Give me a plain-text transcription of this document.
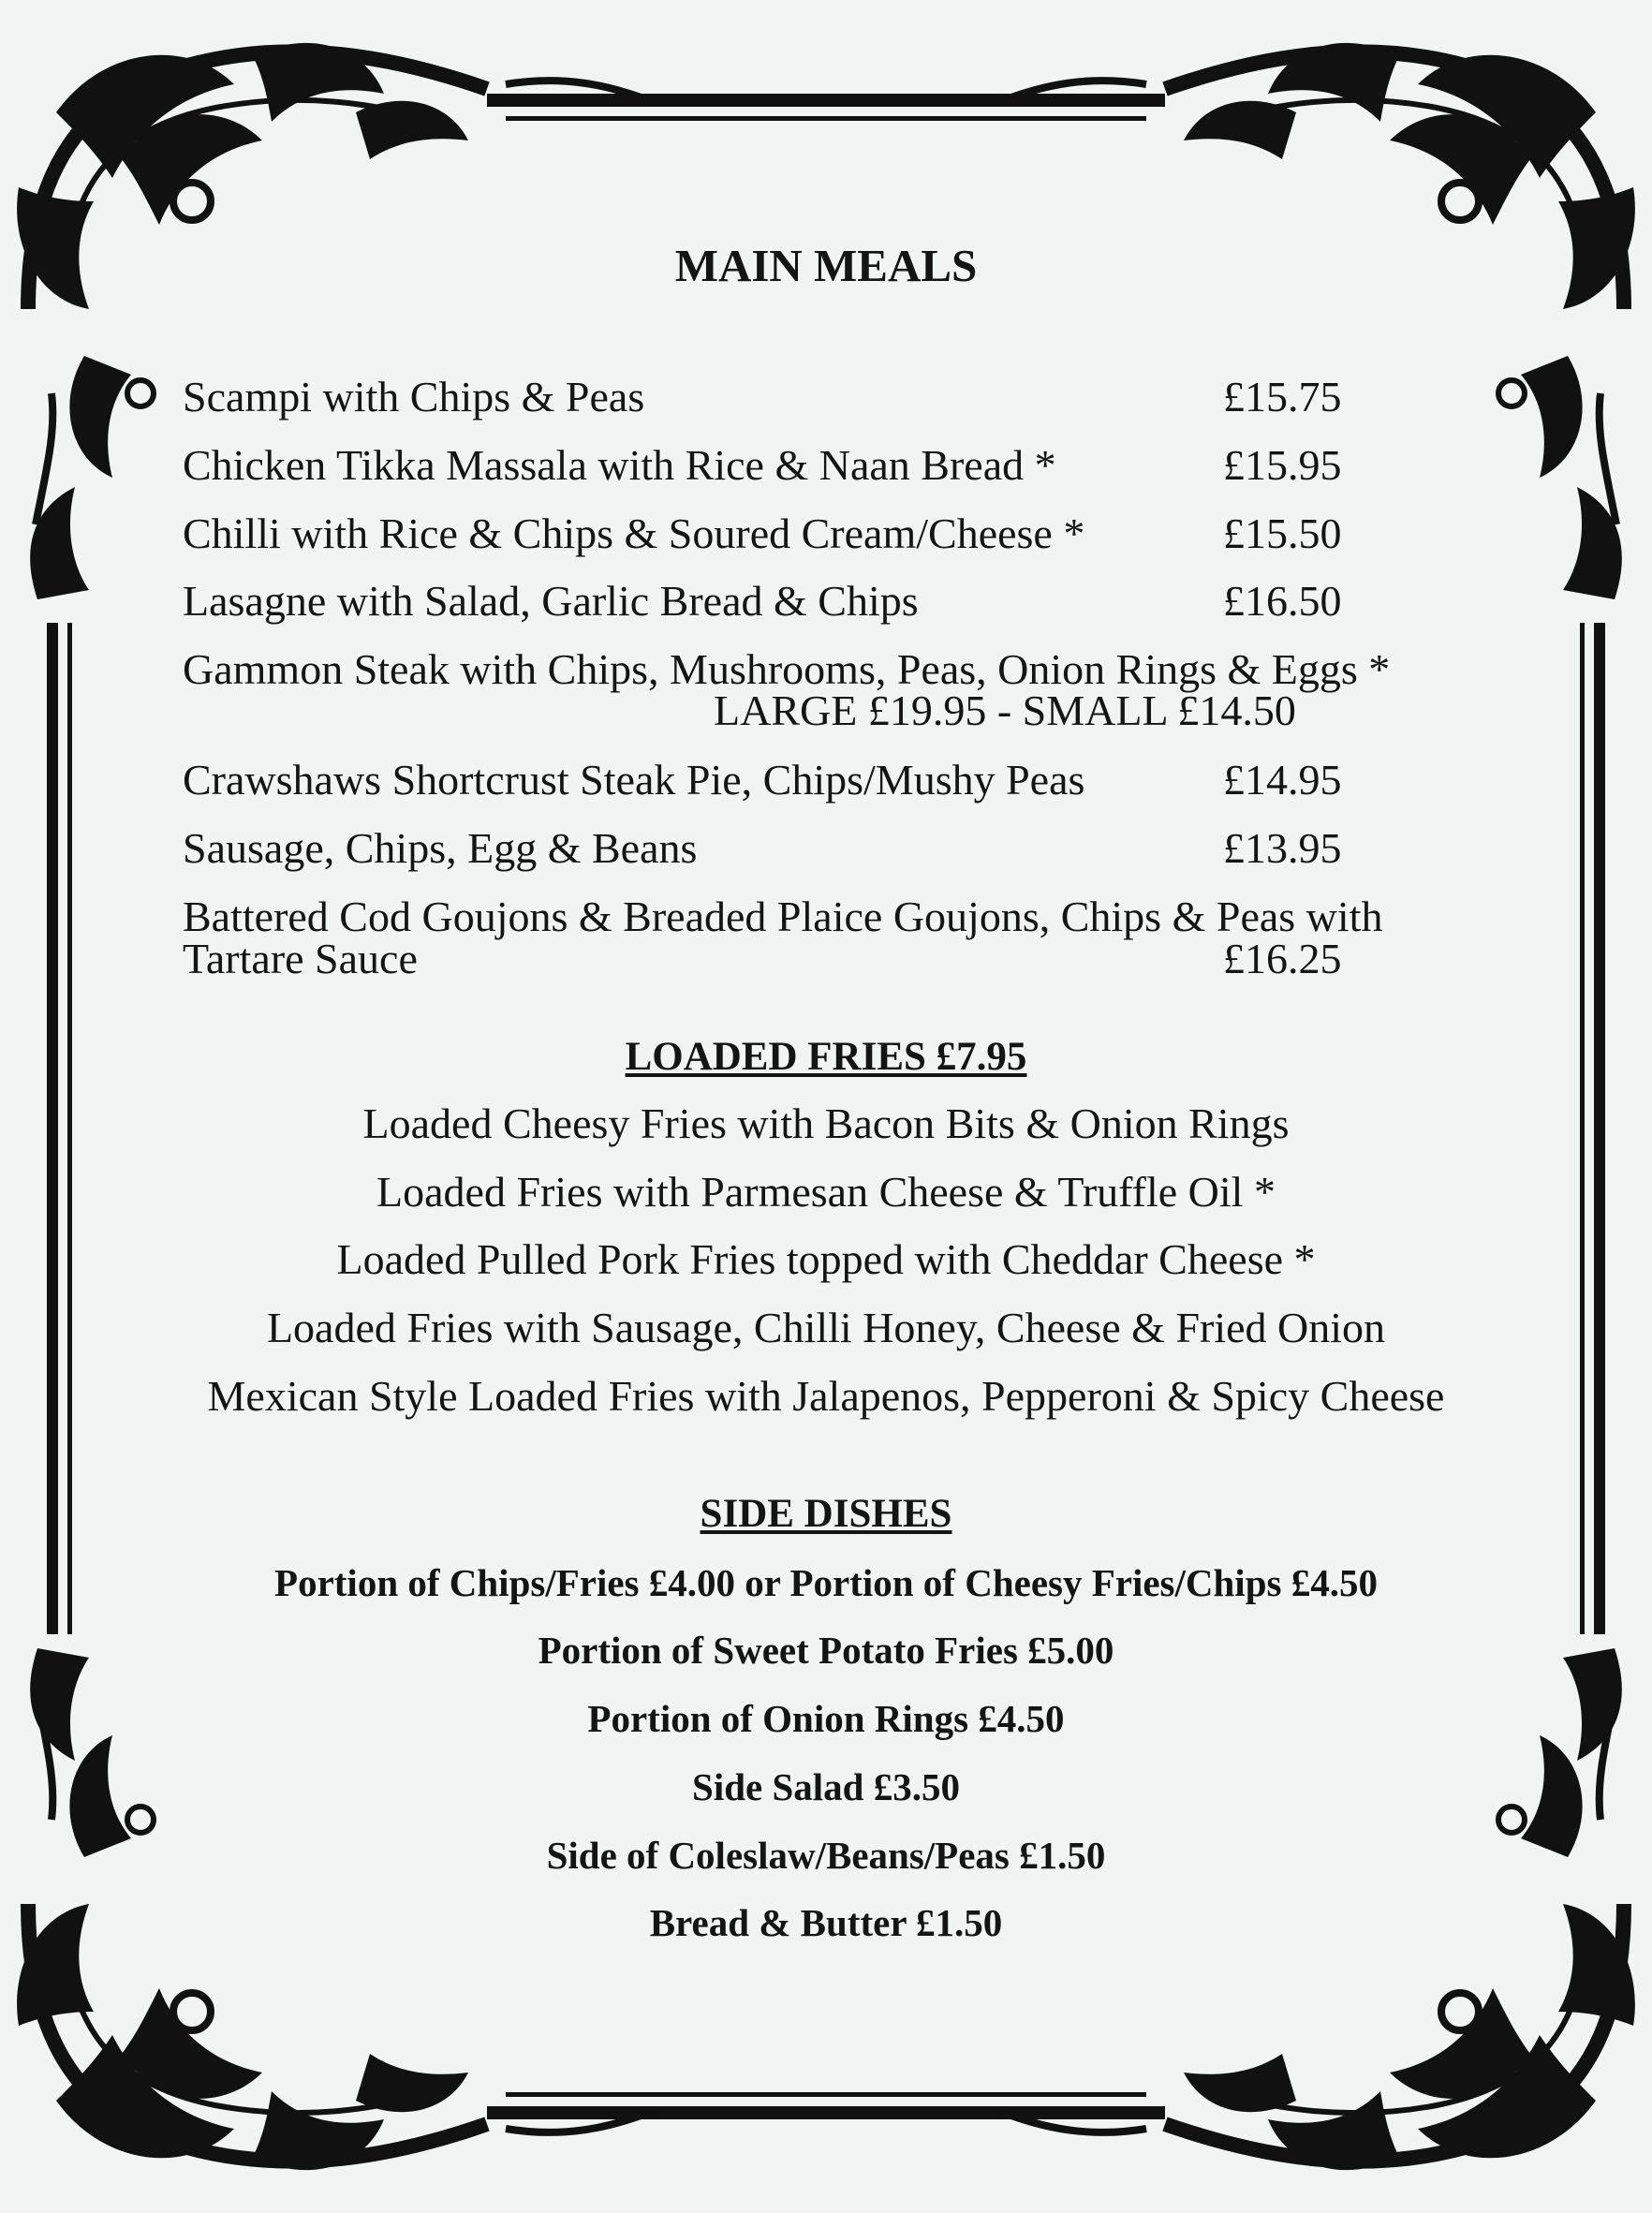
MAIN MEALS
Scampi with Chips & Peas	£15.75
Chicken Tikka Massala with Rice & Naan Bread *	£15.95
Chilli with Rice & Chips & Soured Cream/Cheese *	£15.50
Lasagne with Salad, Garlic Bread & Chips	£16.50
Gammon Steak with Chips, Mushrooms, Peas, Onion Rings & Eggs *
LARGE £19.95 - SMALL £14.50
Crawshaws Shortcrust Steak Pie, Chips/Mushy Peas	£14.95
Sausage, Chips, Egg & Beans	£13.95
Battered Cod Goujons & Breaded Plaice Goujons, Chips & Peas with
Tartare Sauce	£16.25
LOADED FRIES £7.95
Loaded Cheesy Fries with Bacon Bits & Onion Rings
Loaded Fries with Parmesan Cheese & Truffle Oil *
Loaded Pulled Pork Fries topped with Cheddar Cheese *
Loaded Fries with Sausage, Chilli Honey, Cheese & Fried Onion
Mexican Style Loaded Fries with Jalapenos, Pepperoni & Spicy Cheese
SIDE DISHES
Portion of Chips/Fries £4.00 or Portion of Cheesy Fries/Chips £4.50
Portion of Sweet Potato Fries £5.00
Portion of Onion Rings £4.50
Side Salad £3.50
Side of Coleslaw/Beans/Peas £1.50
Bread & Butter £1.50
